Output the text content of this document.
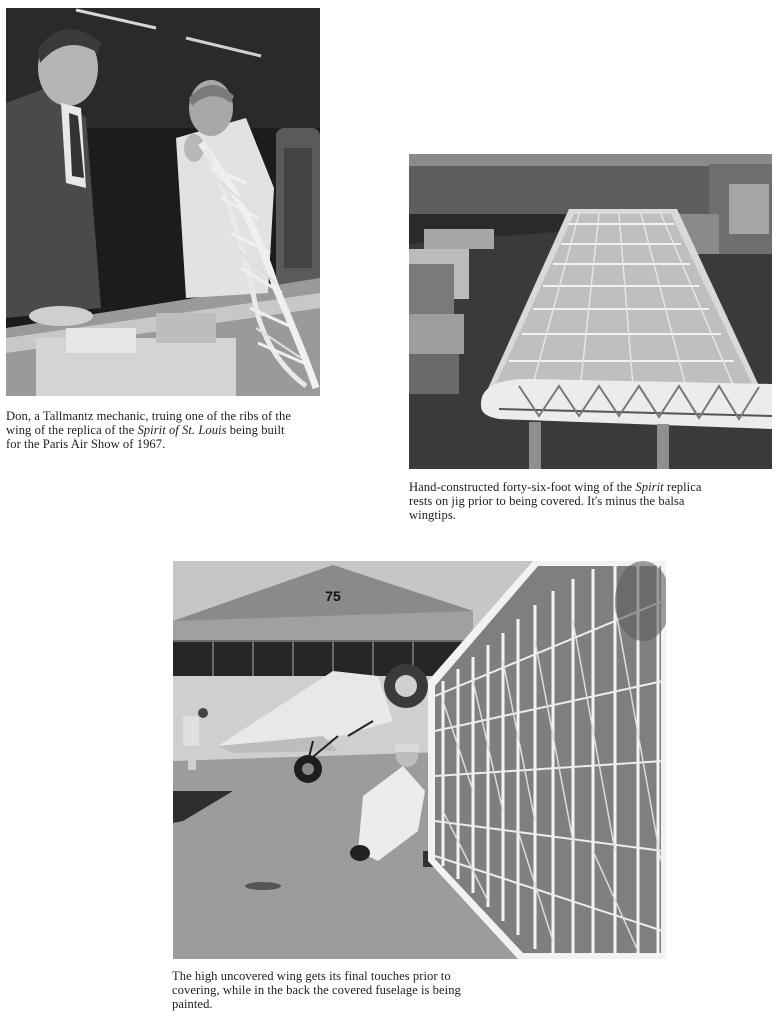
Don, a Tallmantz mechanic, truing one of the ribs of the
wing of the replica of the Spirit of St. Louis being built
for the Paris Air Show of 1967.
Hand-constructed forty-six-foot wing of the Spirit replica
rests on jig prior to being covered. It's minus the balsa
wingtips.
75
The high uncovered wing gets its final touches prior to
covering, while in the back the covered fuselage is being
painted.
